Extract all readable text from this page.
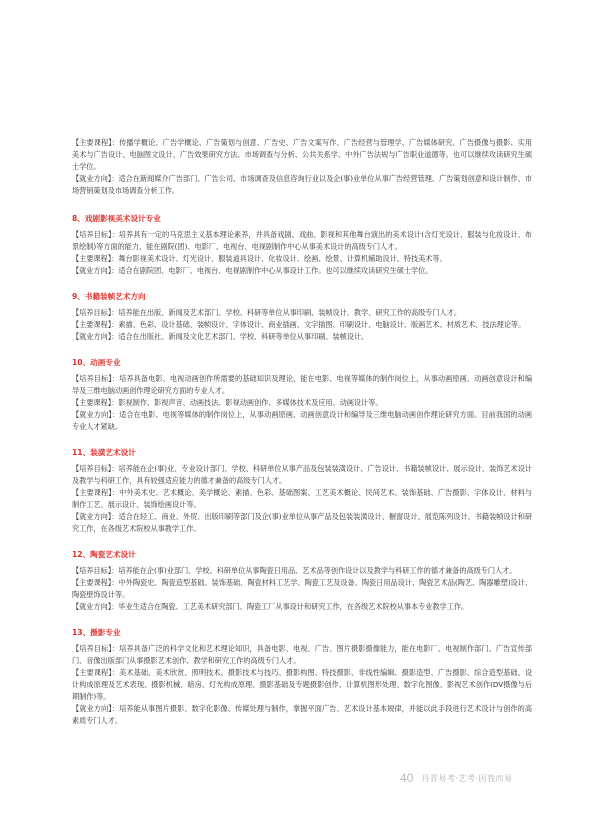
【主要课程】：传播学概论、广告学概论、广告策划与创意、广告史、广告文案写作、广告经营与管理学、广告媒体研究、广告摄像与摄影、实用美术与广告设计、电脑图文设计、广告效果研究方法、市场调查与分析、公共关系学、中外广告法规与广告职业道德等。也可以继续攻读研究生硕士学位。

【就业方向】：适合在新闻媒介广告部门、广告公司、市场调查及信息咨询行业以及企(事)业单位从事广告经营管理、广告策划创意和设计制作、市场营销策划及市场调查分析工作。

8、戏剧影视美术设计专业

【培养目标】：培养具有一定的马克思主义基本理论素养，并具备戏剧、戏曲、影视和其他舞台演出的美术设计(含灯光设计、服装与化妆设计、布景绘制)等方面的能力，能在剧院(团)、电影厂、电视台、电视剧制作中心从事美术设计的高级专门人才。

【主要课程】：舞台影视美术设计、灯光设计、服装道具设计、化妆设计、绘画、绘景、计算机辅助设计、特技美术等。

【就业方向】：适合在剧院团、电影厂、电视台、电视剧制作中心从事设计工作。也可以继续攻读研究生硕士学位。

9、书籍装帧艺术方向

【培养目标】：培养能在出版、新闻及艺术部门、学校、科研等单位从事印刷、装帧设计、教学、研究工作的高级专门人才。

【主要课程】：素描、色彩、设计基础、装帧设计、字体设计、商业插画、文字插图、印刷设计、电脑设计、版画艺术、材质艺术、技法理论等。

【就业方向】：适合在出版社、新闻及文化艺术部门、学校、科研等单位从事印刷、装帧设计。

10、动画专业

【培养目标】：培养具备电影、电视动画创作所需要的基础知识及理论，能在电影、电视等媒体的制作岗位上，从事动画原画、动画创意设计和编导及三维电脑动画创作理论研究方面的专业人才。

【主要课程】：影视制作、影视声音、动画技法、影视动画创作、多媒体技术及应用、动画设计等。

【就业方向】：适合在电影、电视等媒体的制作岗位上，从事动画原画、动画创意设计和编导及三维电脑动画创作理论研究方面。目前我国的动画专业人才紧缺。

11、装潢艺术设计

【培养目标】：培养能在企(事)业、专业设计部门、学校、科研单位从事产品及包装装潢设计、广告设计、书籍装帧设计、展示设计、装饰艺术设计及教学与科研工作，具有较强适应能力的德才兼备的高级专门人才。

【主要课程】：中外美术史、艺术概论、美学概论、素描、色彩、基础图案、工艺美术概论、民间艺术、装饰基础、广告摄影、字体设计、材料与制作工艺、展示设计、装饰绘画设计等。

【就业方向】：适合在轻工、商业、外贸、出版印刷等部门及企(事)业单位从事产品及包装装潢设计、橱窗设计、展览陈列设计、书籍装帧设计和研究工作，在各级艺术院校从事教学工作。

12、陶瓷艺术设计

【培养目标】：培养能在企(事)业部门、学校、科研单位从事陶瓷日用品、艺术品等创作设计以及教学与科研工作的德才兼备的高级专门人才。

【主要课程】：中外陶瓷史、陶瓷造型基础、装饰基础、陶瓷材料工艺学、陶瓷工艺及设备、陶瓷日用品设计、陶瓷艺术品(陶艺、陶器雕塑)设计、陶瓷壁饰设计等。

【就业方向】：毕业生适合在陶瓷、工艺美术研究部门、陶瓷工厂从事设计和研究工作，在各级艺术院校从事本专业教学工作。

13、摄影专业

【培养目标】：培养具备广泛的科学文化和艺术理论知识，具备电影、电视、广告、图片摄影摄像能力，能在电影厂、电视制作部门、广告宣传部门、音像出版部门从事摄影艺术创作、教学和研究工作的高级专门人才。

【主要课程】：美术基础、美术欣赏、照明技术、摄影技术与技巧、摄影构图、特技摄影、非线性编辑、摄影造型、广告摄影、综合造型基础、设计构成原理及艺术表现、摄影机械、暗房、灯光构成原理、摄影基础及专题摄影创作、计算机图形处理、数字化图像、影视艺术创作(DV摄像与后期制作)等。

【就业方向】：培养能从事图片摄影、数字化影像、传媒处理与制作，掌握平面广告、艺术设计基本规律，并能以此手段进行艺术设计与创作的高素质专门人才。

40 丹青易考·艺考·因我而易
